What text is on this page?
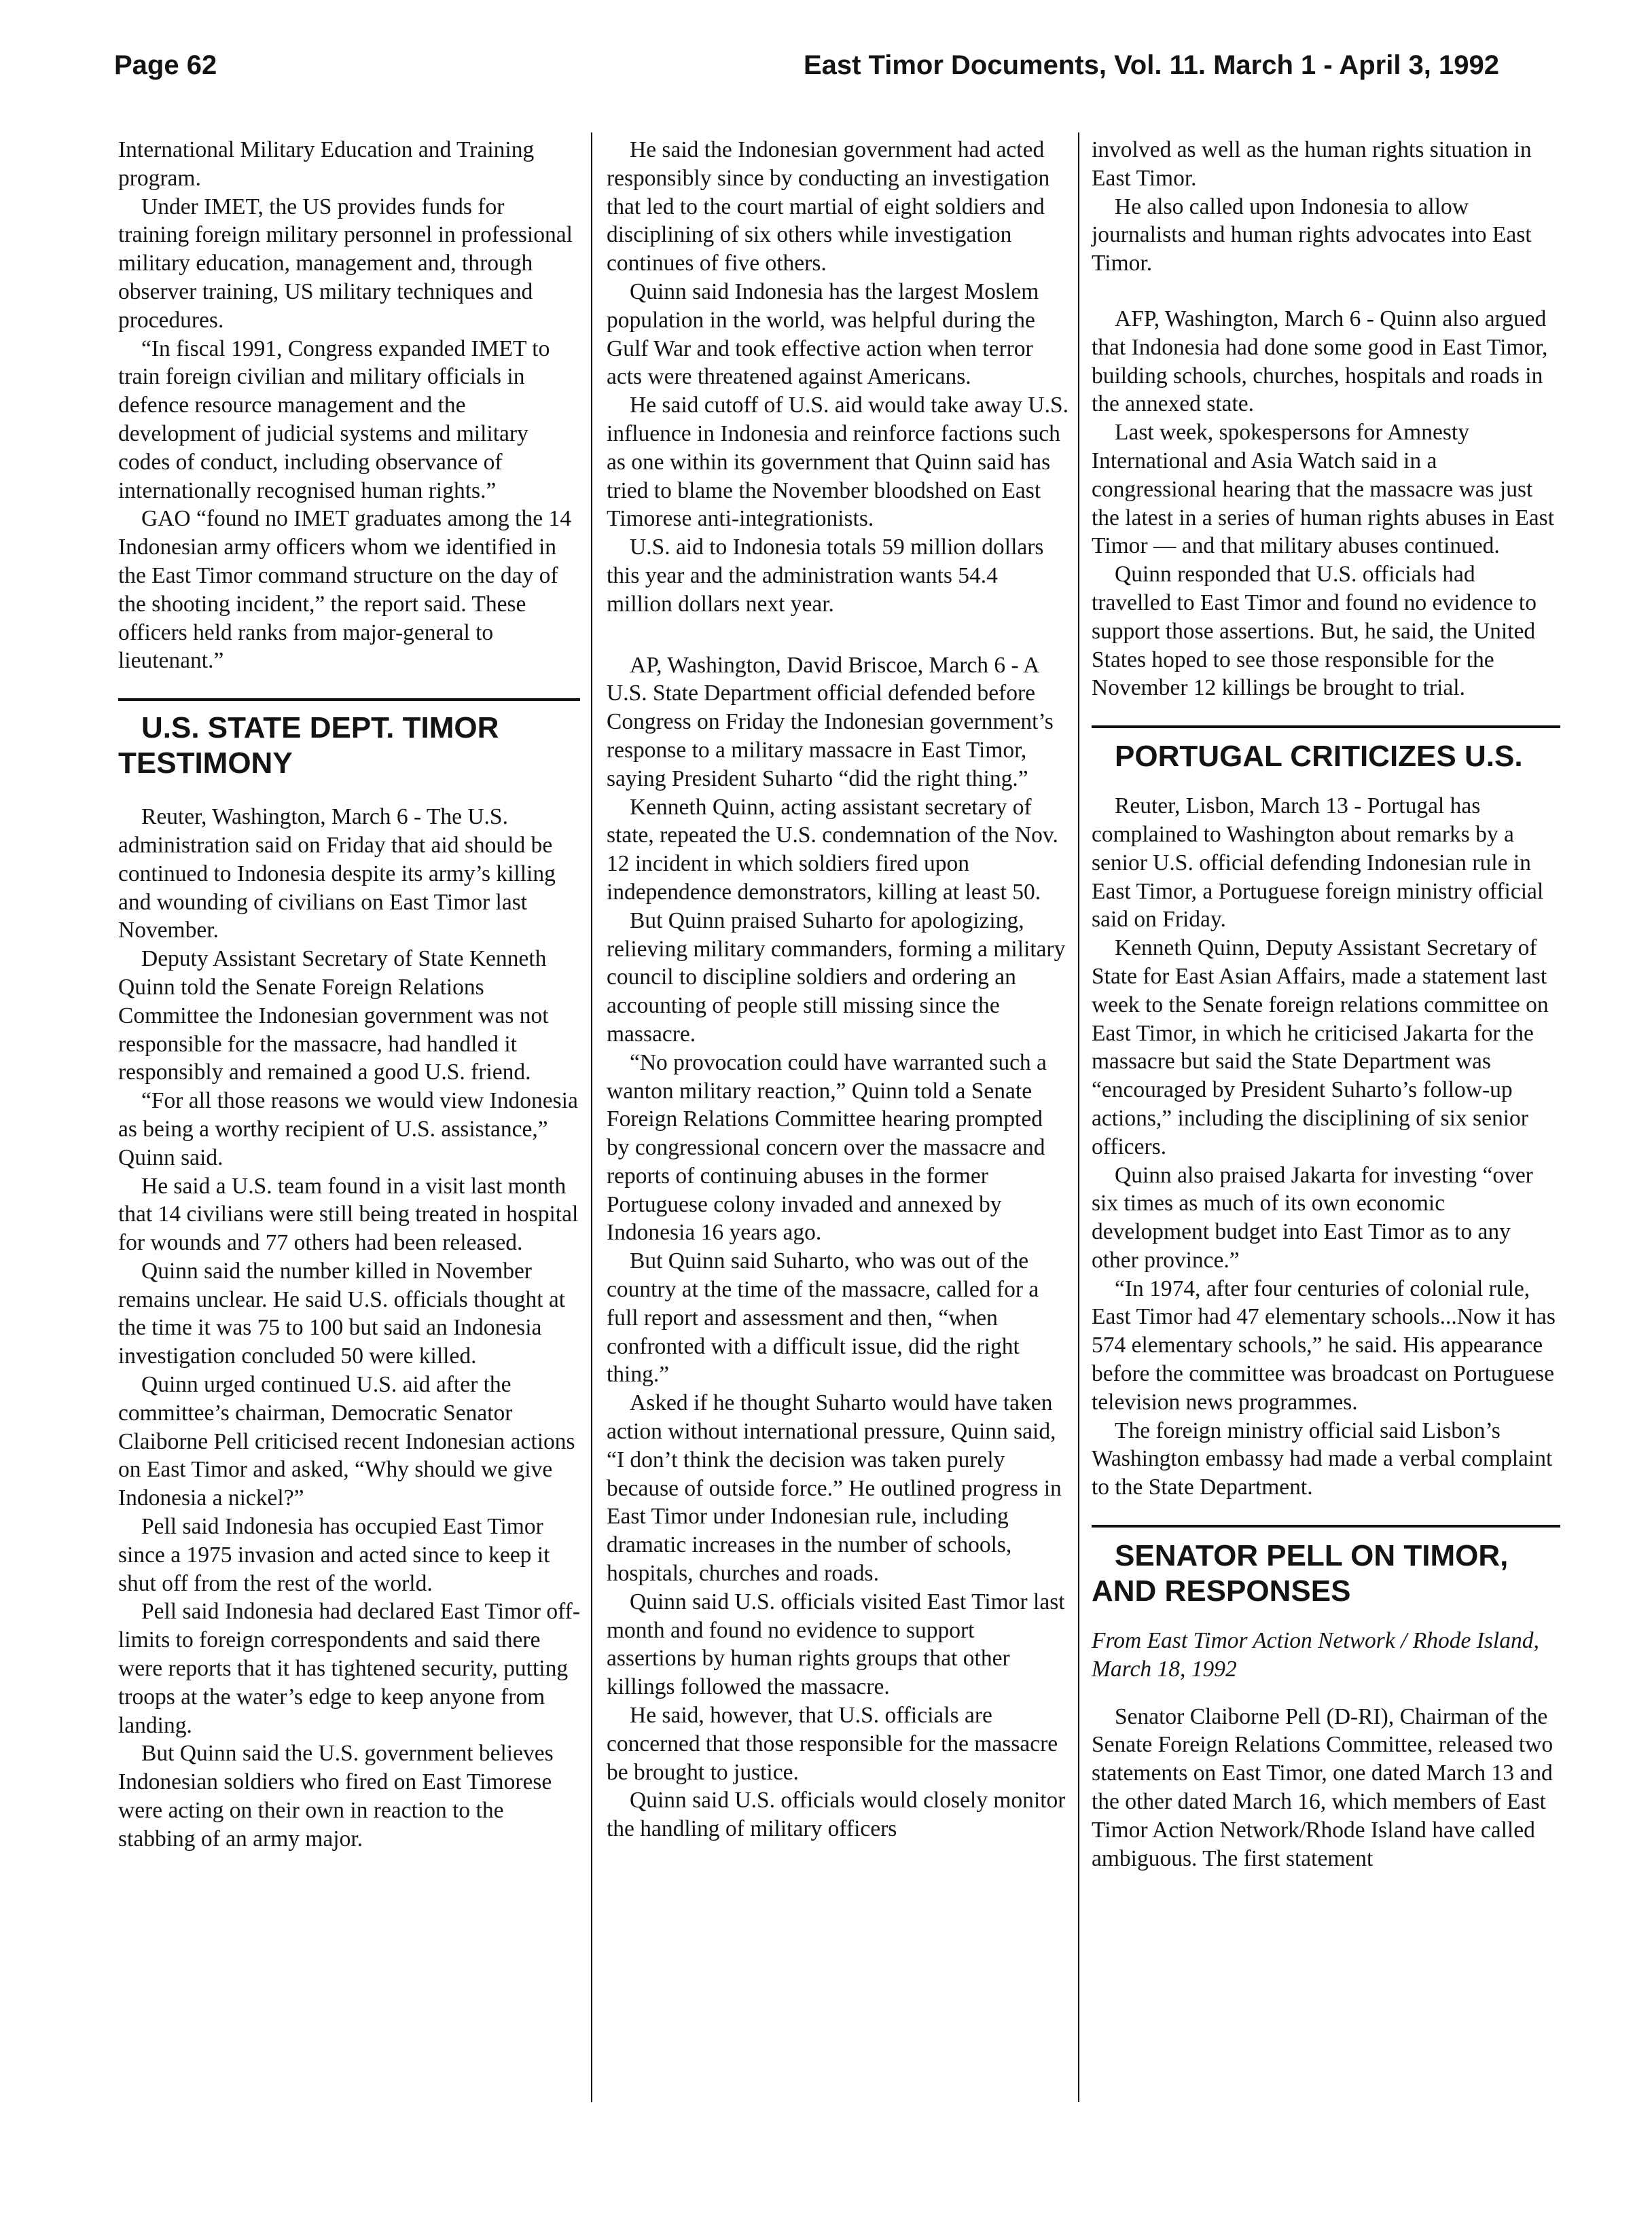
Page 62	East Timor Documents, Vol. 11. March 1 - April 3, 1992

International Military Education and Training program.

Under IMET, the US provides funds for training foreign military personnel in professional military education, management and, through observer training, US military techniques and procedures.

“In fiscal 1991, Congress expanded IMET to train foreign civilian and military officials in defence resource management and the development of judicial systems and military codes of conduct, including observance of internationally recognised human rights.”

GAO “found no IMET graduates among the 14 Indonesian army officers whom we identified in the East Timor command structure on the day of the shooting incident,” the report said. These officers held ranks from major-general to lieutenant.”

U.S. STATE DEPT. TIMOR TESTIMONY

Reuter, Washington, March 6 - The U.S. administration said on Friday that aid should be continued to Indonesia despite its army’s killing and wounding of civilians on East Timor last November.

Deputy Assistant Secretary of State Kenneth Quinn told the Senate Foreign Relations Committee the Indonesian government was not responsible for the massacre, had handled it responsibly and remained a good U.S. friend.

“For all those reasons we would view Indonesia as being a worthy recipient of U.S. assistance,” Quinn said.

He said a U.S. team found in a visit last month that 14 civilians were still being treated in hospital for wounds and 77 others had been released.

Quinn said the number killed in November remains unclear. He said U.S. officials thought at the time it was 75 to 100 but said an Indonesia investigation concluded 50 were killed.

Quinn urged continued U.S. aid after the committee’s chairman, Democratic Senator Claiborne Pell criticised recent Indonesian actions on East Timor and asked, “Why should we give Indonesia a nickel?”

Pell said Indonesia has occupied East Timor since a 1975 invasion and acted since to keep it shut off from the rest of the world.

Pell said Indonesia had declared East Timor off-limits to foreign correspondents and said there were reports that it has tightened security, putting troops at the water’s edge to keep anyone from landing.

But Quinn said the U.S. government believes Indonesian soldiers who fired on East Timorese were acting on their own in reaction to the stabbing of an army major.

He said the Indonesian government had acted responsibly since by conducting an investigation that led to the court martial of eight soldiers and disciplining of six others while investigation continues of five others.

Quinn said Indonesia has the largest Moslem population in the world, was helpful during the Gulf War and took effective action when terror acts were threatened against Americans.

He said cutoff of U.S. aid would take away U.S. influence in Indonesia and reinforce factions such as one within its government that Quinn said has tried to blame the November bloodshed on East Timorese anti-integrationists.

U.S. aid to Indonesia totals 59 million dollars this year and the administration wants 54.4 million dollars next year.

AP, Washington, David Briscoe, March 6 - A U.S. State Department official defended before Congress on Friday the Indonesian government’s response to a military massacre in East Timor, saying President Suharto “did the right thing.”

Kenneth Quinn, acting assistant secretary of state, repeated the U.S. condemnation of the Nov. 12 incident in which soldiers fired upon independence demonstrators, killing at least 50.

But Quinn praised Suharto for apologizing, relieving military commanders, forming a military council to discipline soldiers and ordering an accounting of people still missing since the massacre.

“No provocation could have warranted such a wanton military reaction,” Quinn told a Senate Foreign Relations Committee hearing prompted by congressional concern over the massacre and reports of continuing abuses in the former Portuguese colony invaded and annexed by Indonesia 16 years ago.

But Quinn said Suharto, who was out of the country at the time of the massacre, called for a full report and assessment and then, “when confronted with a difficult issue, did the right thing.”

Asked if he thought Suharto would have taken action without international pressure, Quinn said, “I don’t think the decision was taken purely because of outside force.” He outlined progress in East Timor under Indonesian rule, including dramatic increases in the number of schools, hospitals, churches and roads.

Quinn said U.S. officials visited East Timor last month and found no evidence to support assertions by human rights groups that other killings followed the massacre.

He said, however, that U.S. officials are concerned that those responsible for the massacre be brought to justice.

Quinn said U.S. officials would closely monitor the handling of military officers

involved as well as the human rights situation in East Timor.

He also called upon Indonesia to allow journalists and human rights advocates into East Timor.

AFP, Washington, March 6 - Quinn also argued that Indonesia had done some good in East Timor, building schools, churches, hospitals and roads in the annexed state.

Last week, spokespersons for Amnesty International and Asia Watch said in a congressional hearing that the massacre was just the latest in a series of human rights abuses in East Timor — and that military abuses continued.

Quinn responded that U.S. officials had travelled to East Timor and found no evidence to support those assertions. But, he said, the United States hoped to see those responsible for the November 12 killings be brought to trial.

PORTUGAL CRITICIZES U.S.

Reuter, Lisbon, March 13 - Portugal has complained to Washington about remarks by a senior U.S. official defending Indonesian rule in East Timor, a Portuguese foreign ministry official said on Friday.

Kenneth Quinn, Deputy Assistant Secretary of State for East Asian Affairs, made a statement last week to the Senate foreign relations committee on East Timor, in which he criticised Jakarta for the massacre but said the State Department was “encouraged by President Suharto’s follow-up actions,” including the disciplining of six senior officers.

Quinn also praised Jakarta for investing “over six times as much of its own economic development budget into East Timor as to any other province.”

“In 1974, after four centuries of colonial rule, East Timor had 47 elementary schools...Now it has 574 elementary schools,” he said. His appearance before the committee was broadcast on Portuguese television news programmes.

The foreign ministry official said Lisbon’s Washington embassy had made a verbal complaint to the State Department.

SENATOR PELL ON TIMOR, AND RESPONSES

From East Timor Action Network / Rhode Island, March 18, 1992

Senator Claiborne Pell (D-RI), Chairman of the Senate Foreign Relations Committee, released two statements on East Timor, one dated March 13 and the other dated March 16, which members of East Timor Action Network/Rhode Island have called ambiguous. The first statement
